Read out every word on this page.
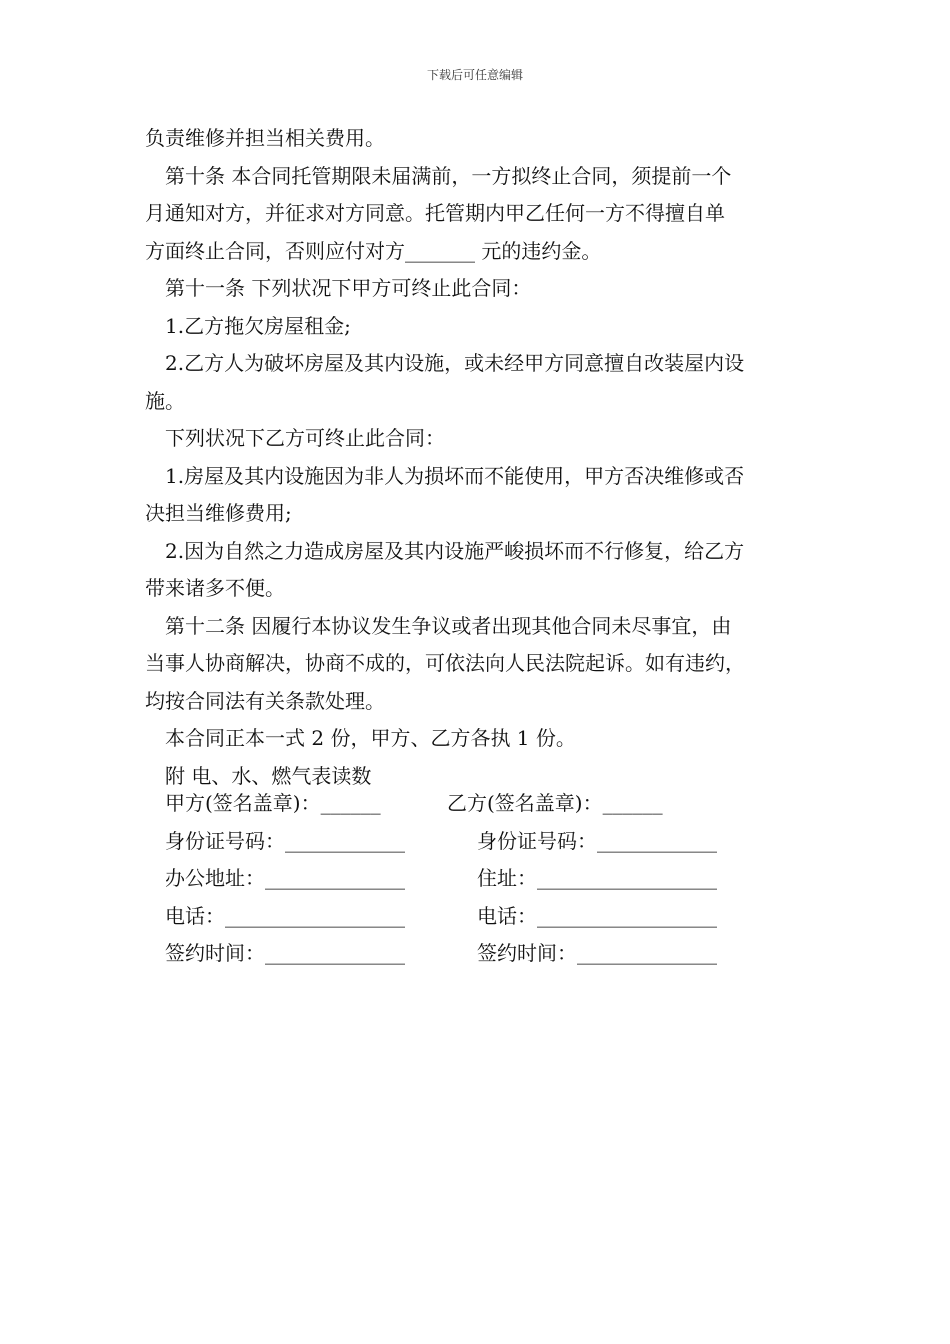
下载后可任意编辑

负责维修并担当相关费用。

第十条 本合同托管期限未届满前，一方拟终止合同，须提前一个

月通知对方，并征求对方同意。托管期内甲乙任何一方不得擅自单

方面终止合同，否则应付对方_______ 元的违约金。

第十一条 下列状况下甲方可终止此合同：

1.乙方拖欠房屋租金;

2.乙方人为破坏房屋及其内设施，或未经甲方同意擅自改装屋内设

施。

下列状况下乙方可终止此合同：

1.房屋及其内设施因为非人为损坏而不能使用，甲方否决维修或否

决担当维修费用;

2.因为自然之力造成房屋及其内设施严峻损坏而不行修复，给乙方

带来诸多不便。

第十二条 因履行本协议发生争议或者出现其他合同未尽事宜，由

当事人协商解决，协商不成的，可依法向人民法院起诉。如有违约，

均按合同法有关条款处理。

本合同正本一式 2 份，甲方、乙方各执 1 份。

附 电、水、燃气表读数

甲方(签名盖章)：______	乙方(签名盖章)：______
身份证号码：____________	身份证号码：____________
办公地址：______________	住址：__________________
电话：__________________	电话：__________________
签约时间：______________	签约时间：______________
